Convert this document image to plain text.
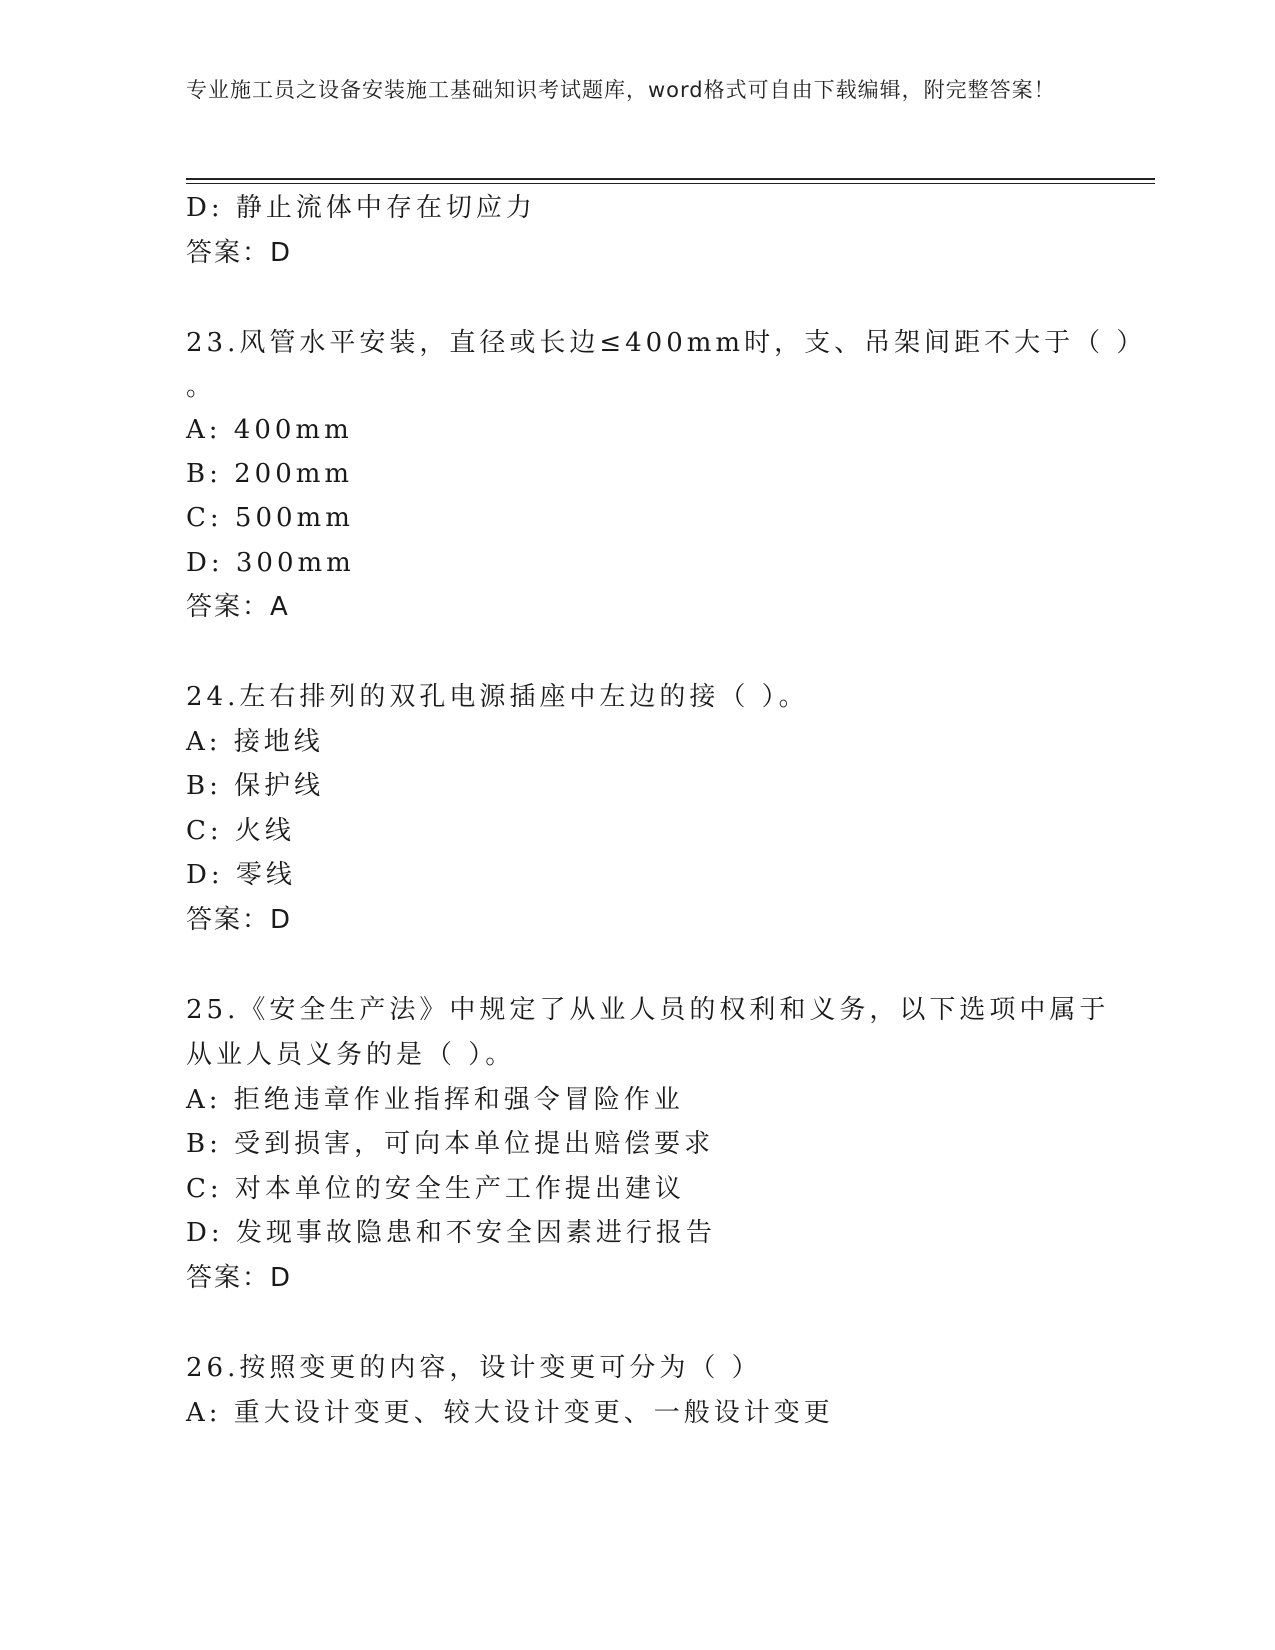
专业施工员之设备安装施工基础知识考试题库，word格式可自由下载编辑，附完整答案！
D: 静止流体中存在切应力
答案：D
23.风管水平安装，直径或长边≤400mm时，支、吊架间距不大于（ ）
。
A: 400mm
B: 200mm
C: 500mm
D: 300mm
答案：A
24.左右排列的双孔电源插座中左边的接（ ）。
A: 接地线
B: 保护线
C: 火线
D: 零线
答案：D
25.《安全生产法》中规定了从业人员的权利和义务，以下选项中属于
从业人员义务的是（ ）。
A: 拒绝违章作业指挥和强令冒险作业
B: 受到损害，可向本单位提出赔偿要求
C: 对本单位的安全生产工作提出建议
D: 发现事故隐患和不安全因素进行报告
答案：D
26.按照变更的内容，设计变更可分为（ ）
A: 重大设计变更、较大设计变更、一般设计变更
